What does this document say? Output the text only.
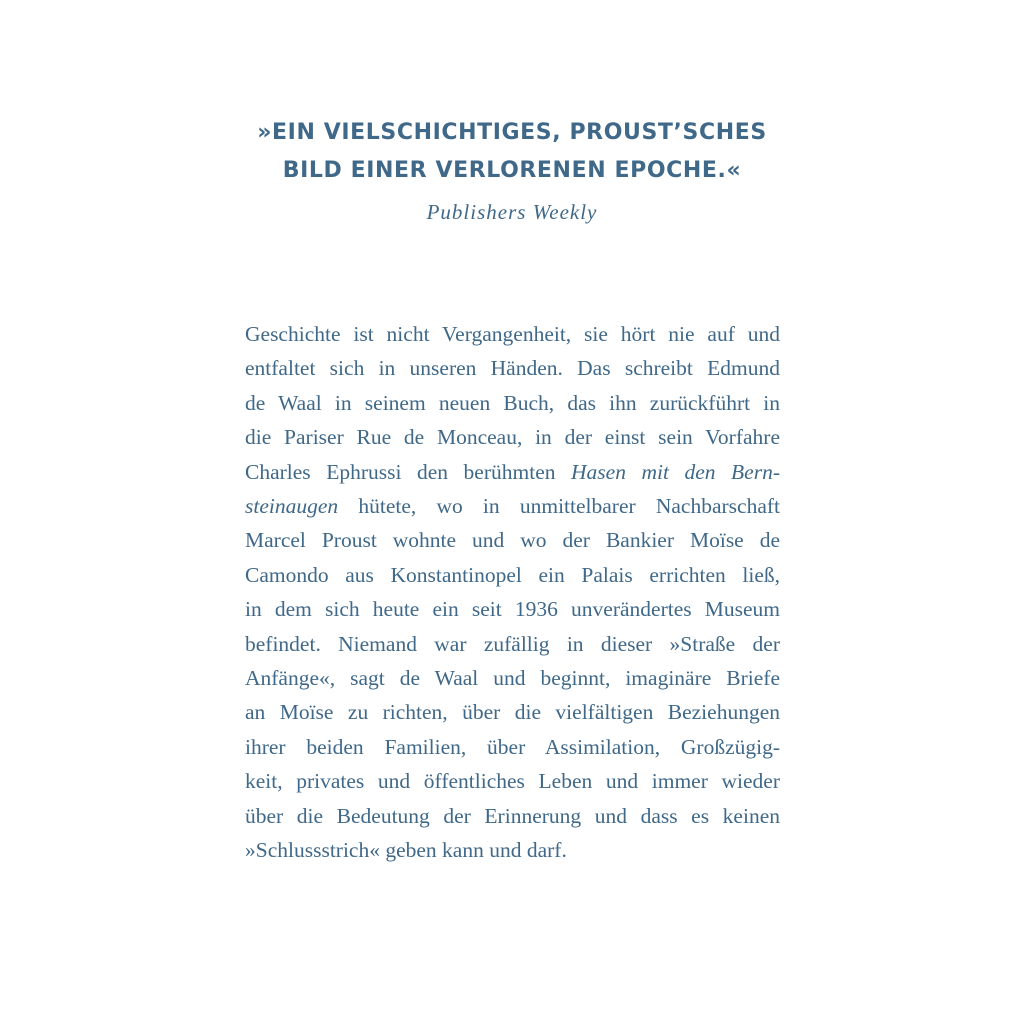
»EIN VIELSCHICHTIGES, PROUST’SCHES
BILD EINER VERLORENEN EPOCHE.«

Publishers Weekly

Geschichte ist nicht Vergangenheit, sie hört nie auf und
entfaltet sich in unseren Händen. Das schreibt Edmund
de Waal in seinem neuen Buch, das ihn zurückführt in
die Pariser Rue de Monceau, in der einst sein Vorfahre
Charles Ephrussi den berühmten Hasen mit den Bern-
steinaugen hütete, wo in unmittelbarer Nachbarschaft
Marcel Proust wohnte und wo der Bankier Moïse de
Camondo aus Konstantinopel ein Palais errichten ließ,
in dem sich heute ein seit 1936 unverändertes Museum
befindet. Niemand war zufällig in dieser »Straße der
Anfänge«, sagt de Waal und beginnt, imaginäre Briefe
an Moïse zu richten, über die vielfältigen Beziehungen
ihrer beiden Familien, über Assimilation, Großzügig-
keit, privates und öffentliches Leben und immer wieder
über die Bedeutung der Erinnerung und dass es keinen
»Schlussstrich« geben kann und darf.
